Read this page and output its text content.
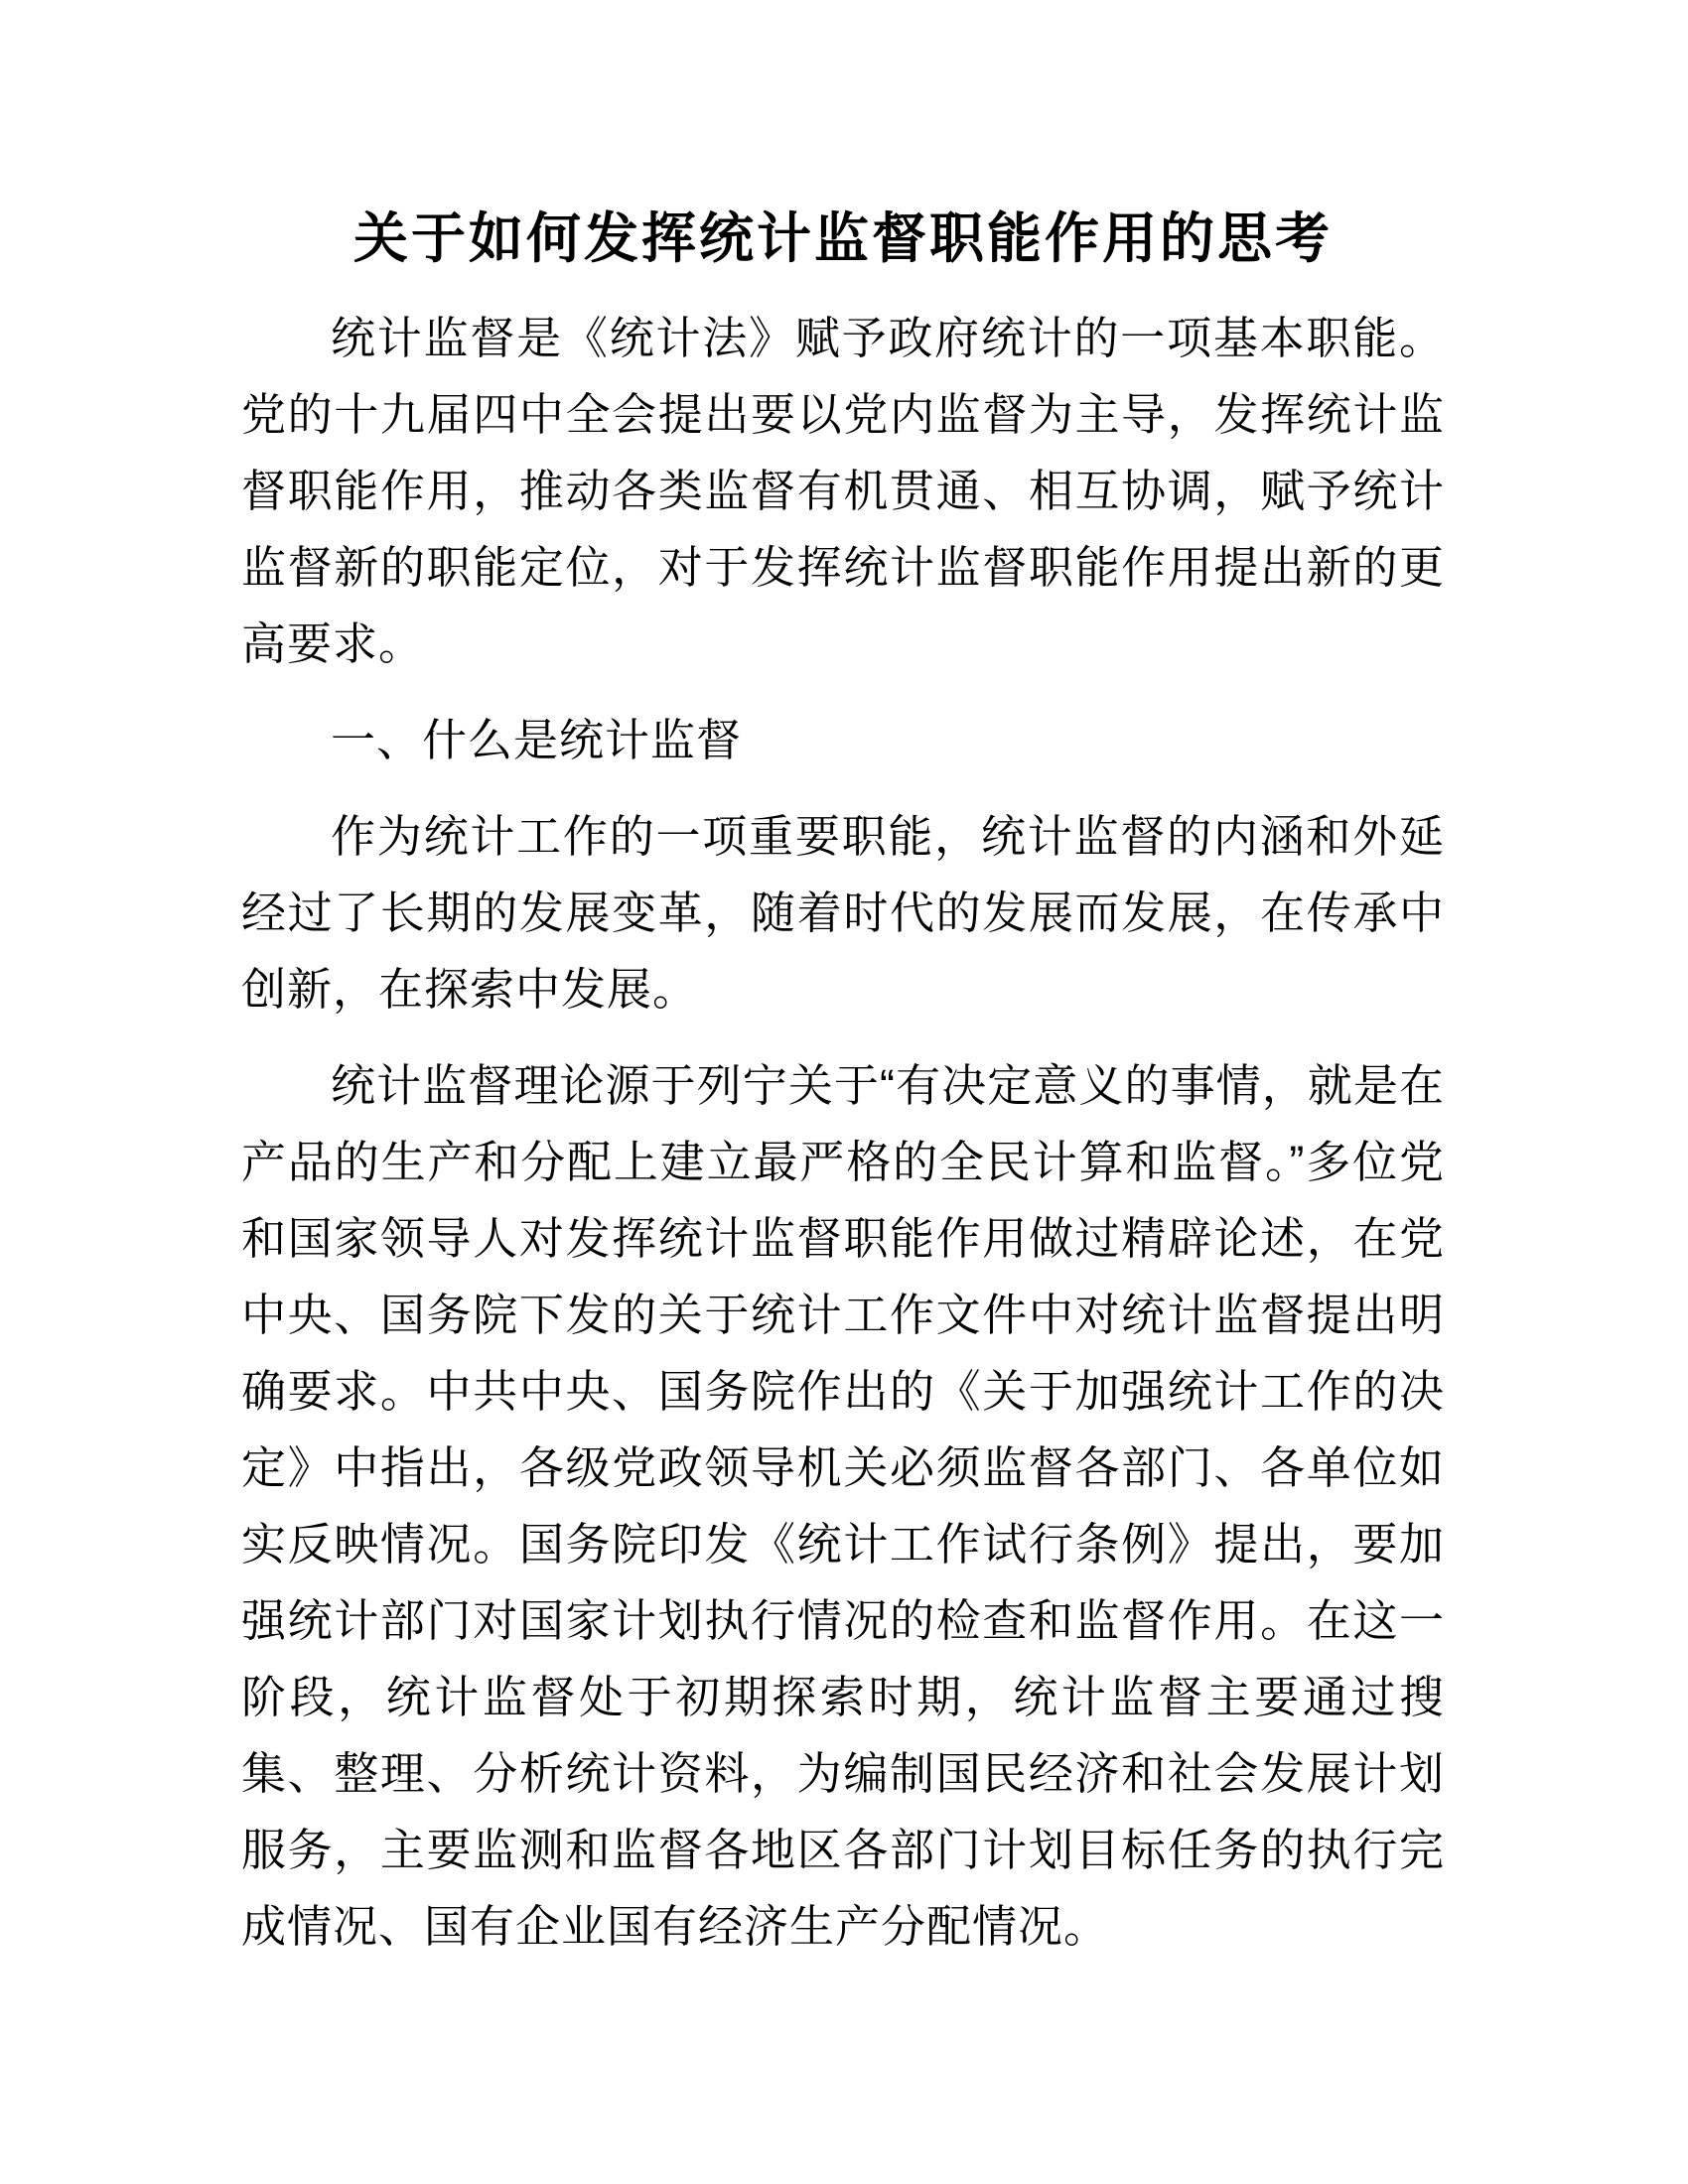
关于如何发挥统计监督职能作用的思考

统计监督是《统计法》赋予政府统计的一项基本职能。党的十九届四中全会提出要以党内监督为主导，发挥统计监督职能作用，推动各类监督有机贯通、相互协调，赋予统计监督新的职能定位，对于发挥统计监督职能作用提出新的更高要求。

一、什么是统计监督

作为统计工作的一项重要职能，统计监督的内涵和外延经过了长期的发展变革，随着时代的发展而发展，在传承中创新，在探索中发展。

统计监督理论源于列宁关于“有决定意义的事情，就是在产品的生产和分配上建立最严格的全民计算和监督。”多位党和国家领导人对发挥统计监督职能作用做过精辟论述，在党中央、国务院下发的关于统计工作文件中对统计监督提出明确要求。中共中央、国务院作出的《关于加强统计工作的决定》中指出，各级党政领导机关必须监督各部门、各单位如实反映情况。国务院印发《统计工作试行条例》提出，要加强统计部门对国家计划执行情况的检查和监督作用。在这一阶段，统计监督处于初期探索时期，统计监督主要通过搜集、整理、分析统计资料，为编制国民经济和社会发展计划服务，主要监测和监督各地区各部门计划目标任务的执行完成情况、国有企业国有经济生产分配情况。
